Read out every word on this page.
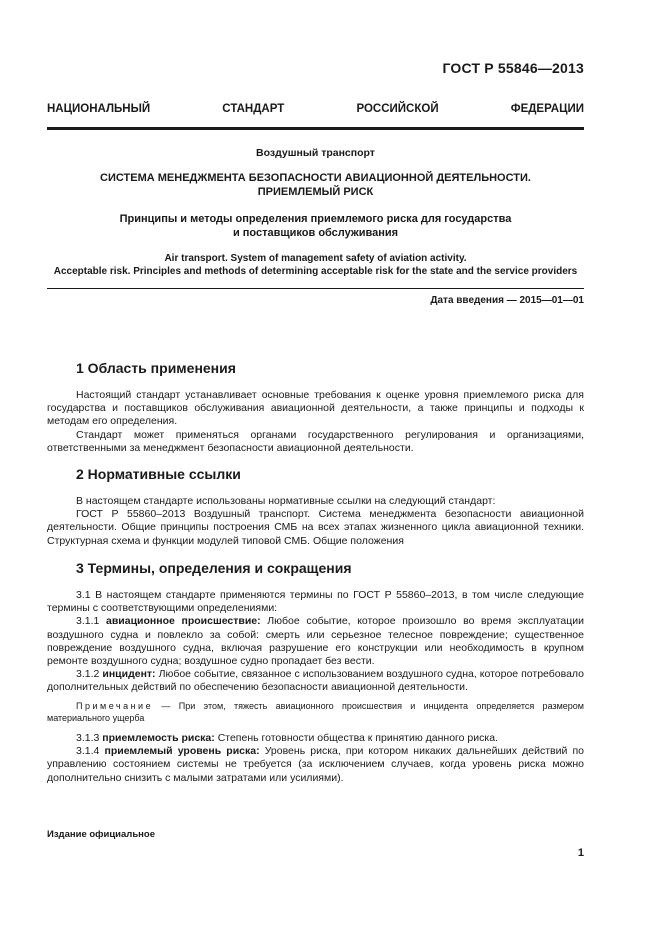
ГОСТ Р 55846—2013
НАЦИОНАЛЬНЫЙ СТАНДАРТ РОССИЙСКОЙ ФЕДЕРАЦИИ
Воздушный транспорт
СИСТЕМА МЕНЕДЖМЕНТА БЕЗОПАСНОСТИ АВИАЦИОННОЙ ДЕЯТЕЛЬНОСТИ.
ПРИЕМЛЕМЫЙ РИСК
Принципы и методы определения приемлемого риска для государства
и поставщиков обслуживания
Air transport. System of management safety of aviation activity.
Acceptable risk. Principles and methods of determining acceptable risk for the state and the service providers
Дата введения — 2015—01—01
1 Область применения

Настоящий стандарт устанавливает основные требования к оценке уровня приемлемого риска для государства и поставщиков обслуживания авиационной деятельности, а также принципы и подходы к методам его определения.

Стандарт может применяться органами государственного регулирования и организациями, ответственными за менеджмент безопасности авиационной деятельности.

2 Нормативные ссылки

В настоящем стандарте использованы нормативные ссылки на следующий стандарт:

ГОСТ Р 55860–2013 Воздушный транспорт. Система менеджмента безопасности авиационной деятельности. Общие принципы построения СМБ на всех этапах жизненного цикла авиационной техники. Структурная схема и функции модулей типовой СМБ. Общие положения

3 Термины, определения и сокращения

3.1 В настоящем стандарте применяются термины по ГОСТ Р 55860–2013, в том числе следующие термины с соответствующими определениями:

3.1.1 авиационное происшествие: Любое событие, которое произошло во время эксплуатации воздушного судна и повлекло за собой: смерть или серьезное телесное повреждение; существенное повреждение воздушного судна, включая разрушение его конструкции или необходимость в крупном ремонте воздушного судна; воздушное судно пропадает без вести.

3.1.2 инцидент: Любое событие, связанное с использованием воздушного судна, которое потребовало дополнительных действий по обеспечению безопасности авиационной деятельности.

Примечание — При этом, тяжесть авиационного происшествия и инцидента определяется размером материального ущерба

3.1.3 приемлемость риска: Степень готовности общества к принятию данного риска.

3.1.4 приемлемый уровень риска: Уровень риска, при котором никаких дальнейших действий по управлению состоянием системы не требуется (за исключением случаев, когда уровень риска можно дополнительно снизить с малыми затратами или усилиями).

Издание официальное
1
